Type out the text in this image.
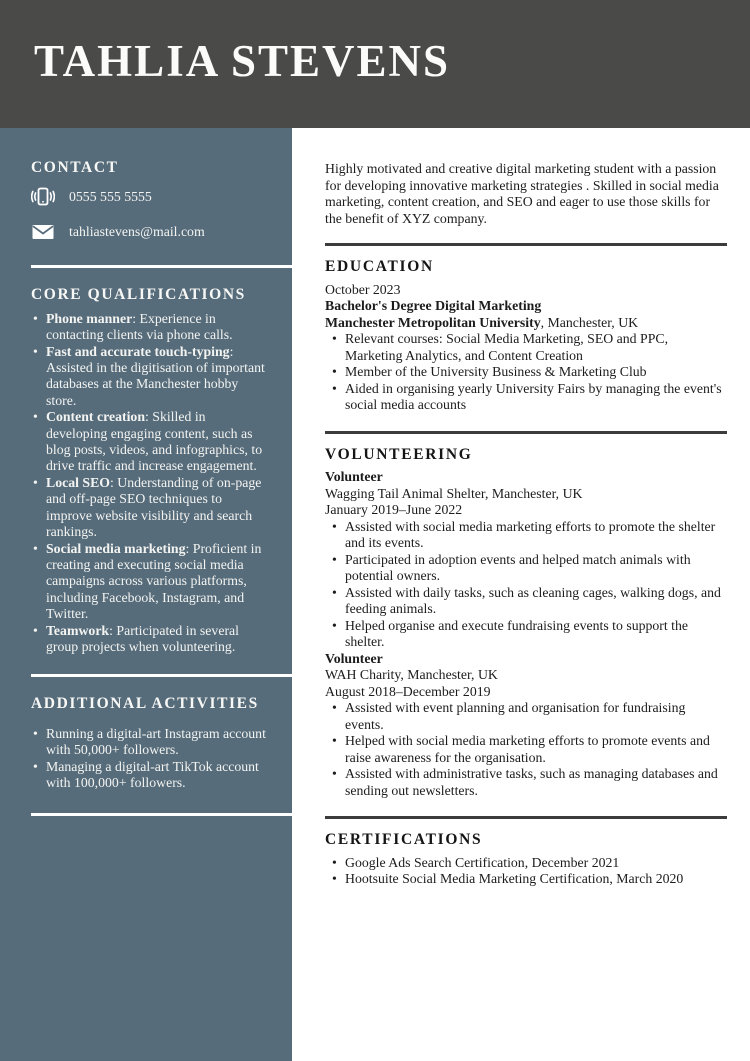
TAHLIA STEVENS
CONTACT
0555 555 5555
tahliastevens@mail.com
CORE QUALIFICATIONS
• Phone manner: Experience in contacting clients via phone calls.
• Fast and accurate touch-typing: Assisted in the digitisation of important databases at the Manchester hobby store.
• Content creation: Skilled in developing engaging content, such as blog posts, videos, and infographics, to drive traffic and increase engagement.
• Local SEO: Understanding of on-page and off-page SEO techniques to improve website visibility and search rankings.
• Social media marketing: Proficient in creating and executing social media campaigns across various platforms, including Facebook, Instagram, and Twitter.
• Teamwork: Participated in several group projects when volunteering.
ADDITIONAL ACTIVITIES
• Running a digital-art Instagram account with 50,000+ followers.
• Managing a digital-art TikTok account with 100,000+ followers.

Highly motivated and creative digital marketing student with a passion for developing innovative marketing strategies . Skilled in social media marketing, content creation, and SEO and eager to use those skills for the benefit of XYZ company.

EDUCATION
October 2023
Bachelor's Degree Digital Marketing
Manchester Metropolitan University, Manchester, UK
• Relevant courses: Social Media Marketing, SEO and PPC, Marketing Analytics, and Content Creation
• Member of the University Business & Marketing Club
• Aided in organising yearly University Fairs by managing the event's social media accounts
VOLUNTEERING
Volunteer
Wagging Tail Animal Shelter, Manchester, UK
January 2019–June 2022
• Assisted with social media marketing efforts to promote the shelter and its events.
• Participated in adoption events and helped match animals with potential owners.
• Assisted with daily tasks, such as cleaning cages, walking dogs, and feeding animals.
• Helped organise and execute fundraising events to support the shelter.
Volunteer
WAH Charity, Manchester, UK
August 2018–December 2019
• Assisted with event planning and organisation for fundraising events.
• Helped with social media marketing efforts to promote events and raise awareness for the organisation.
• Assisted with administrative tasks, such as managing databases and sending out newsletters.
CERTIFICATIONS
• Google Ads Search Certification, December 2021
• Hootsuite Social Media Marketing Certification, March 2020
